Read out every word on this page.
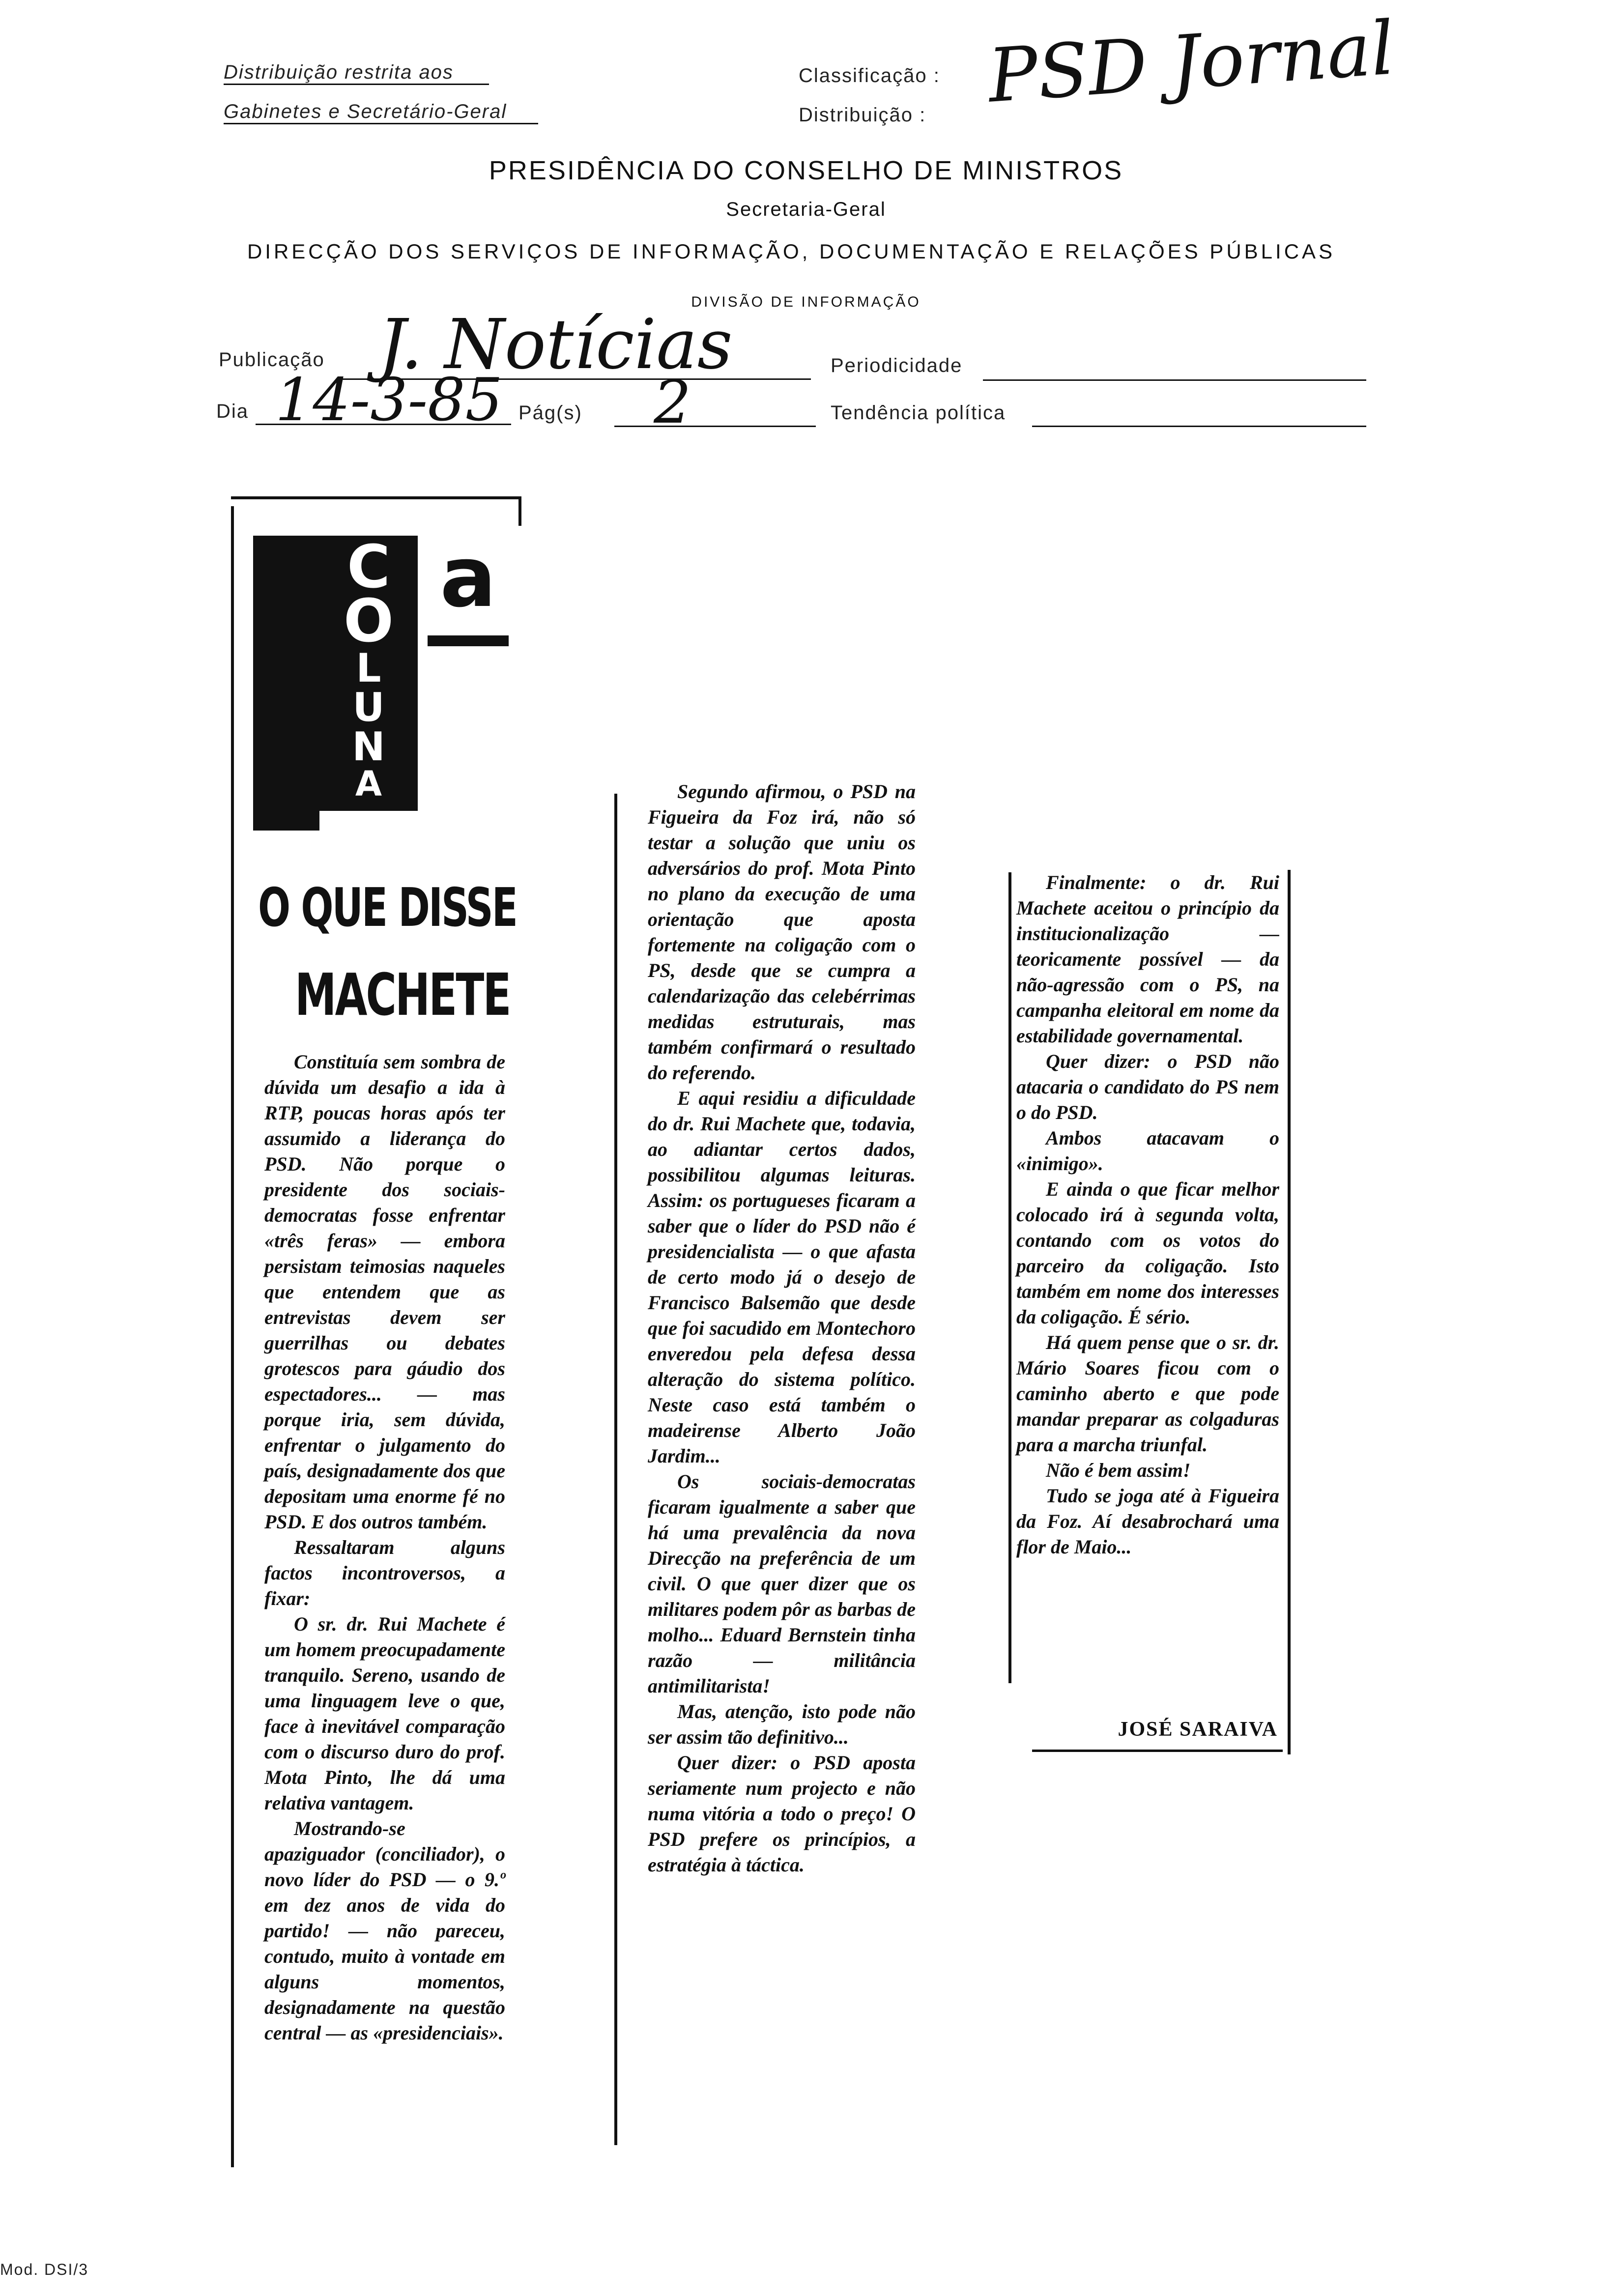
Distribuição restrita aos
Gabinetes e Secretário-Geral
Classificação :
Distribuição : PSD Jornal
PRESIDÊNCIA DO CONSELHO DE MINISTROS
Secretaria-Geral
DIRECÇÃO DOS SERVIÇOS DE INFORMAÇÃO, DOCUMENTAÇÃO E RELAÇÕES PÚBLICAS
DIVISÃO DE INFORMAÇÃO
Publicação J. Notícias	Periodicidade
Dia 14-3-85 Pág(s) 2	Tendência política
C
O
L
U
N
A
a
O QUE DISSE
MACHETE

Constituía sem sombra de dúvida um desafio a ida à RTP, poucas horas após ter assumido a liderança do PSD. Não porque o presidente dos sociais-democratas fosse enfrentar «três feras» — embora persistam teimosias naqueles que entendem que as entrevistas devem ser guerrilhas ou debates grotescos para gáudio dos espectadores... — mas porque iria, sem dúvida, enfrentar o julgamento do país, designadamente dos que depositam uma enorme fé no PSD. E dos outros também.

Ressaltaram alguns factos incontroversos, a fixar:

O sr. dr. Rui Machete é um homem preocupadamente tranquilo. Sereno, usando de uma linguagem leve o que, face à inevitável comparação com o discurso duro do prof. Mota Pinto, lhe dá uma relativa vantagem.

Mostrando-se apaziguador (conciliador), o novo líder do PSD — o 9.º em dez anos de vida do partido! — não pareceu, contudo, muito à vontade em alguns momentos, designadamente na questão central — as «presidenciais».

Segundo afirmou, o PSD na Figueira da Foz irá, não só testar a solução que uniu os adversários do prof. Mota Pinto no plano da execução de uma orientação que aposta fortemente na coligação com o PS, desde que se cumpra a calendarização das celebérrimas medidas estruturais, mas também confirmará o resultado do referendo.

E aqui residiu a dificuldade do dr. Rui Machete que, todavia, ao adiantar certos dados, possibilitou algumas leituras. Assim: os portugueses ficaram a saber que o líder do PSD não é presidencialista — o que afasta de certo modo já o desejo de Francisco Balsemão que desde que foi sacudido em Montechoro enveredou pela defesa dessa alteração do sistema político. Neste caso está também o madeirense Alberto João Jardim...

Os sociais-democratas ficaram igualmente a saber que há uma prevalência da nova Direcção na preferência de um civil. O que quer dizer que os militares podem pôr as barbas de molho... Eduard Bernstein tinha razão — militância antimilitarista!

Mas, atenção, isto pode não ser assim tão definitivo...

Quer dizer: o PSD aposta seriamente num projecto e não numa vitória a todo o preço! O PSD prefere os princípios, a estratégia à táctica.

Finalmente: o dr. Rui Machete aceitou o princípio da institucionalização — teoricamente possível — da não-agressão com o PS, na campanha eleitoral em nome da estabilidade governamental.

Quer dizer: o PSD não atacaria o candidato do PS nem o do PSD.

Ambos atacavam o «inimigo».

E ainda o que ficar melhor colocado irá à segunda volta, contando com os votos do parceiro da coligação. Isto também em nome dos interesses da coligação. É sério.

Há quem pense que o sr. dr. Mário Soares ficou com o caminho aberto e que pode mandar preparar as colgaduras para a marcha triunfal.

Não é bem assim!

Tudo se joga até à Figueira da Foz. Aí desabrochará uma flor de Maio...

JOSÉ SARAIVA
Mod. DSI/3
